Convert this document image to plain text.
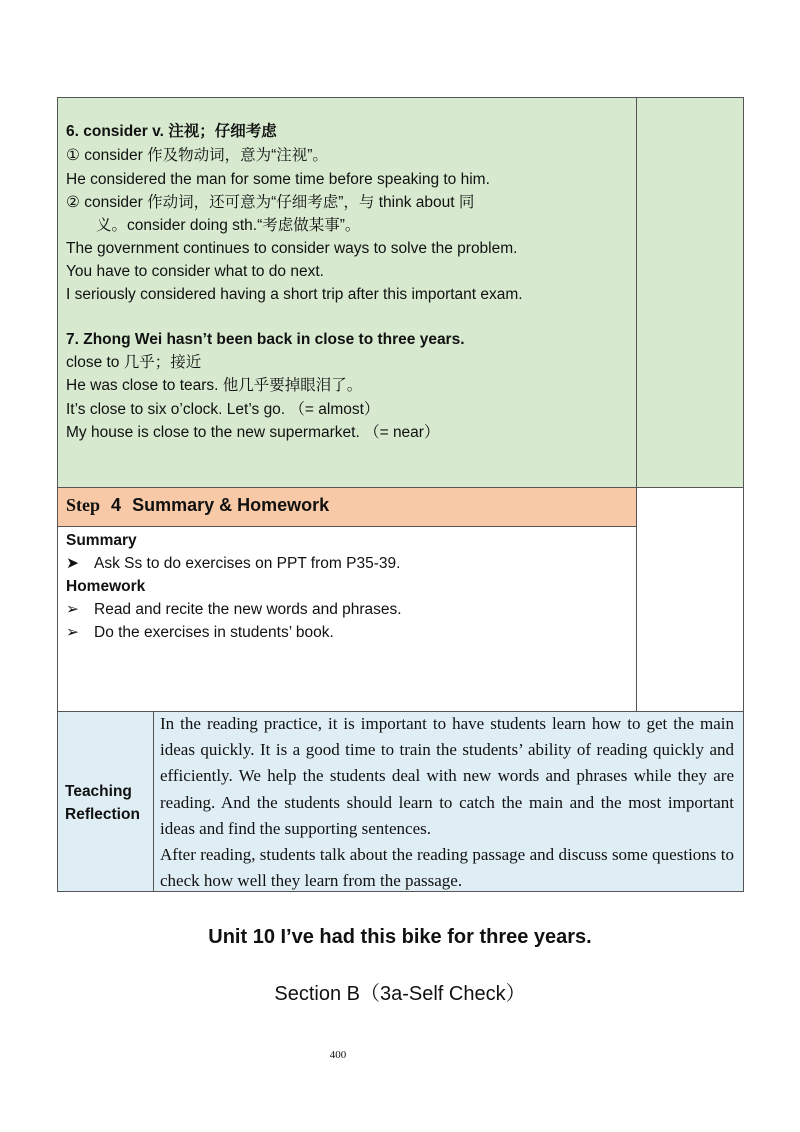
6. consider v. 注视；仔细考虑
① consider 作及物动词，意为“注视”。
He considered the man for some time before speaking to him.
② consider 作动词，还可意为“仔细考虑”，与 think about 同
义。consider doing sth.“考虑做某事”。
The government continues to consider ways to solve the problem.
You have to consider what to do next.
I seriously considered having a short trip after this important exam.
7. Zhong Wei hasn’t been back in close to three years.
close to 几乎；接近
He was close to tears. 他几乎要掉眼泪了。
It’s close to six o’clock. Let’s go. （= almost）
My house is close to the new supermarket. （= near）
Step 4 Summary & Homework
Summary
➤ Ask Ss to do exercises on PPT from P35-39.
Homework
➢ Read and recite the new words and phrases.
➢ Do the exercises in students’ book.
Teaching
Reflection

In the reading practice, it is important to have students learn how to get the main ideas quickly. It is a good time to train the students’ ability of reading quickly and efficiently. We help the students deal with new words and phrases while they are reading. And the students should learn to catch the main and the most important ideas and find the supporting sentences.

After reading, students talk about the reading passage and discuss some questions to check how well they learn from the passage.

Unit 10 I’ve had this bike for three years.
Section B（3a-Self Check）
400
